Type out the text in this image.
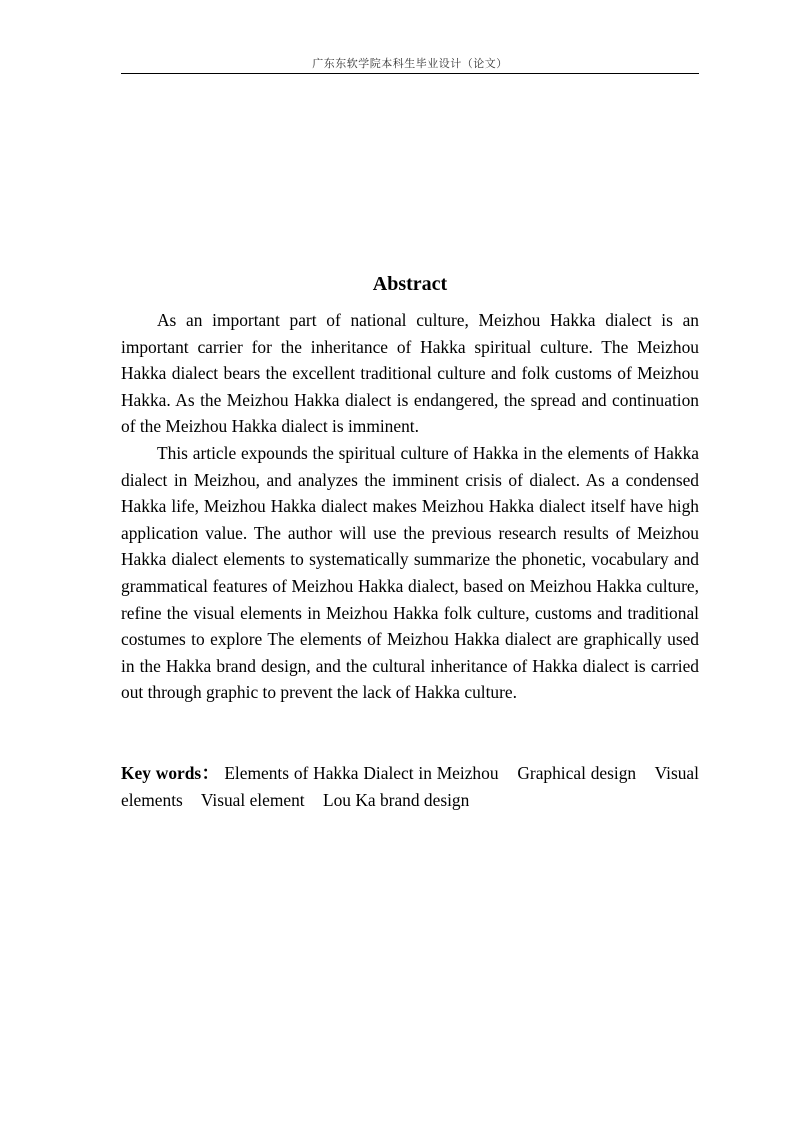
广东东软学院本科生毕业设计（论文）
Abstract

As an important part of national culture, Meizhou Hakka dialect is an important carrier for the inheritance of Hakka spiritual culture. The Meizhou Hakka dialect bears the excellent traditional culture and folk customs of Meizhou Hakka. As the Meizhou Hakka dialect is endangered, the spread and continuation of the Meizhou Hakka dialect is imminent.

This article expounds the spiritual culture of Hakka in the elements of Hakka dialect in Meizhou, and analyzes the imminent crisis of dialect. As a condensed Hakka life, Meizhou Hakka dialect makes Meizhou Hakka dialect itself have high application value. The author will use the previous research results of Meizhou Hakka dialect elements to systematically summarize the phonetic, vocabulary and grammatical features of Meizhou Hakka dialect, based on Meizhou Hakka culture, refine the visual elements in Meizhou Hakka folk culture, customs and traditional costumes to explore The elements of Meizhou Hakka dialect are graphically used in the Hakka brand design, and the cultural inheritance of Hakka dialect is carried out through graphic to prevent the lack of Hakka culture.

Key words： Elements of Hakka Dialect in Meizhou Graphical design Visual elements Visual element Lou Ka brand design
